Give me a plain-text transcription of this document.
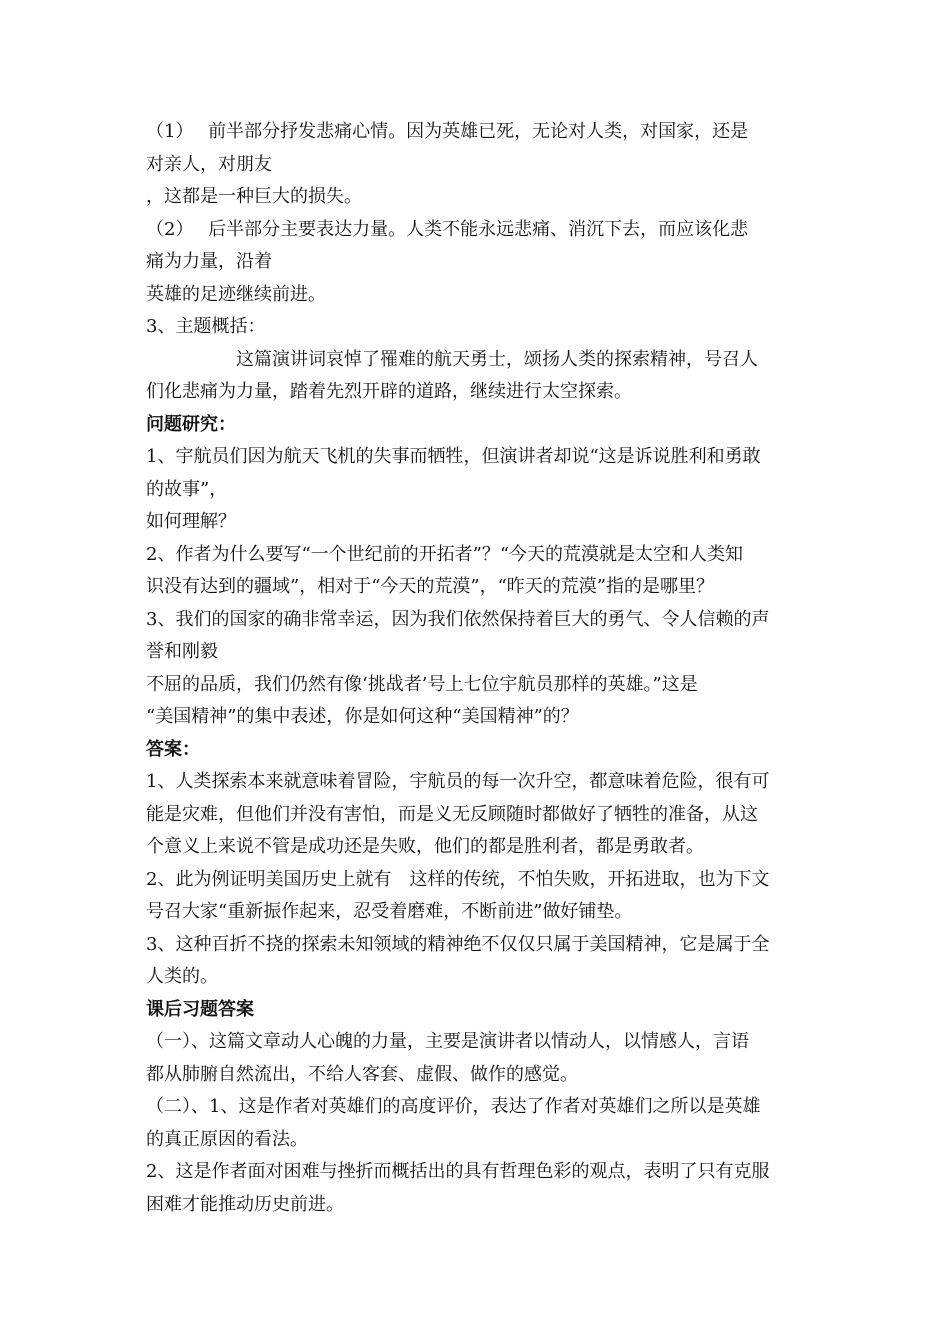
（1）　 前半部分抒发悲痛心情。因为英雄已死，无论对人类，对国家，还是
对亲人，对朋友
，这都是一种巨大的损失。
（2）　 后半部分主要表达力量。人类不能永远悲痛、消沉下去，而应该化悲
痛为力量，沿着
英雄的足迹继续前进。
3、主题概括：
　　　　　这篇演讲词哀悼了罹难的航天勇士，颂扬人类的探索精神，号召人
们化悲痛为力量，踏着先烈开辟的道路，继续进行太空探索。
问题研究：
1、宇航员们因为航天飞机的失事而牺牲，但演讲者却说“这是诉说胜利和勇敢
的故事”，
如何理解？
2、作者为什么要写“一个世纪前的开拓者”？“今天的荒漠就是太空和人类知
识没有达到的疆域”，相对于“今天的荒漠”，“昨天的荒漠”指的是哪里？
3、我们的国家的确非常幸运，因为我们依然保持着巨大的勇气、令人信赖的声
誉和刚毅
不屈的品质，我们仍然有像‘挑战者’号上七位宇航员那样的英雄。”这是
“美国精神”的集中表述，你是如何这种“美国精神”的？
答案：
1、人类探索本来就意味着冒险，宇航员的每一次升空，都意味着危险，很有可
能是灾难，但他们并没有害怕，而是义无反顾随时都做好了牺牲的准备，从这
个意义上来说不管是成功还是失败，他们的都是胜利者，都是勇敢者。
2、此为例证明美国历史上就有　这样的传统，不怕失败，开拓进取，也为下文
号召大家“重新振作起来，忍受着磨难，不断前进”做好铺垫。
3、这种百折不挠的探索未知领域的精神绝不仅仅只属于美国精神，它是属于全
人类的。
课后习题答案
（一）、这篇文章动人心魄的力量，主要是演讲者以情动人，以情感人，言语
都从肺腑自然流出，不给人客套、虚假、做作的感觉。
（二）、1、这是作者对英雄们的高度评价，表达了作者对英雄们之所以是英雄
的真正原因的看法。
2、这是作者面对困难与挫折而概括出的具有哲理色彩的观点，表明了只有克服
困难才能推动历史前进。
